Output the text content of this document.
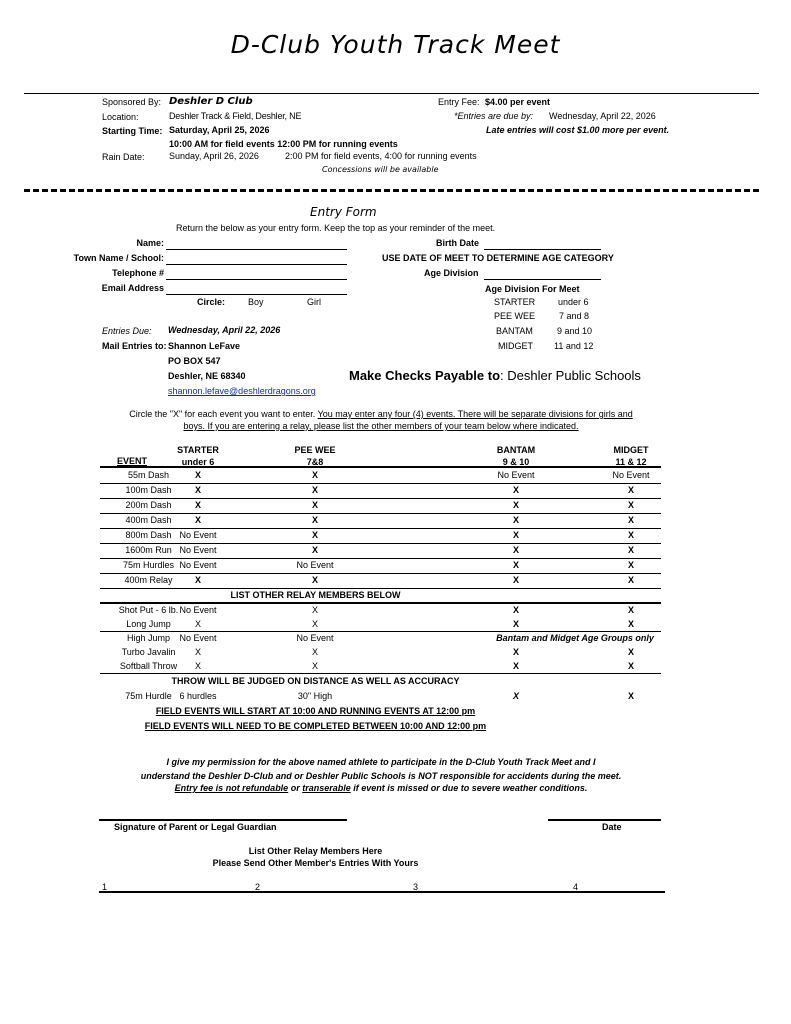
D-Club Youth Track Meet
Sponsored By: Deshler D Club
Location:	Deshler Track & Field, Deshler, NE
Starting Time: Saturday, April 25, 2026
10:00 AM for field events 12:00 PM for running events
Rain Date:	Sunday, April 26, 2026	2:00 PM for field events, 4:00 for running events
Concessions will be available
Entry Fee: $4.00 per event
*Entries are due by: Wednesday, April 22, 2026
Late entries will cost $1.00 more per event.
Entry Form
Return the below as your entry form. Keep the top as your reminder of the meet.
Name:
Town Name / School:
Telephone #
Email Address
Circle:	Boy	Girl
Birth Date
USE DATE OF MEET TO DETERMINE AGE CATEGORY
Age Division
Age Division For Meet
STARTER	under 6
PEE WEE	7 and 8
BANTAM	9 and 10
MIDGET 11 and 12
Entries Due: Wednesday, April 22, 2026
Mail Entries to: Shannon LeFave
PO BOX 547
Deshler, NE 68340
shannon.lefave@deshlerdragons.org
Make Checks Payable to: Deshler Public Schools
Circle the "X" for each event you want to enter. You may enter any four (4) events. There will be separate divisions for girls and
boys. If you are entering a relay, please list the other members of your team below where indicated.
EVENT
STARTER
under 6
PEE WEE
7&8
BANTAM
9 & 10
MIDGET
11 & 12
55m Dash	X	X	No Event	No Event
100m Dash	X	X	X	X
200m Dash	X	X	X	X
400m Dash	X	X	X	X
800m Dash No Event	X	X	X
1600m Run No Event	X	X	X
75m Hurdles No Event	No Event	X	X
400m Relay	X	X	X	X
LIST OTHER RELAY MEMBERS BELOW
Shot Put - 6 lb. No Event	X	X	X
Long Jump	X	X	X	X
High Jump	No Event	No Event	Bantam and Midget Age Groups only
Turbo Javalin	X	X	X	X
Softball Throw	X	X	X	X
THROW WILL BE JUDGED ON DISTANCE AS WELL AS ACCURACY
75m Hurdle 6 hurdles	30" High	X	X
FIELD EVENTS WILL START AT 10:00 AND RUNNING EVENTS AT 12:00 pm
FIELD EVENTS WILL NEED TO BE COMPLETED BETWEEN 10:00 AND 12:00 pm
I give my permission for the above named athlete to participate in the D-Club Youth Track Meet and I
understand the Deshler D-Club and or Deshler Public Schools is NOT responsible for accidents during the meet.
Entry fee is not refundable or transerable if event is missed or due to severe weather conditions.
Signature of Parent or Legal Guardian	Date
List Other Relay Members Here
Please Send Other Member's Entries With Yours
1	2	3	4
